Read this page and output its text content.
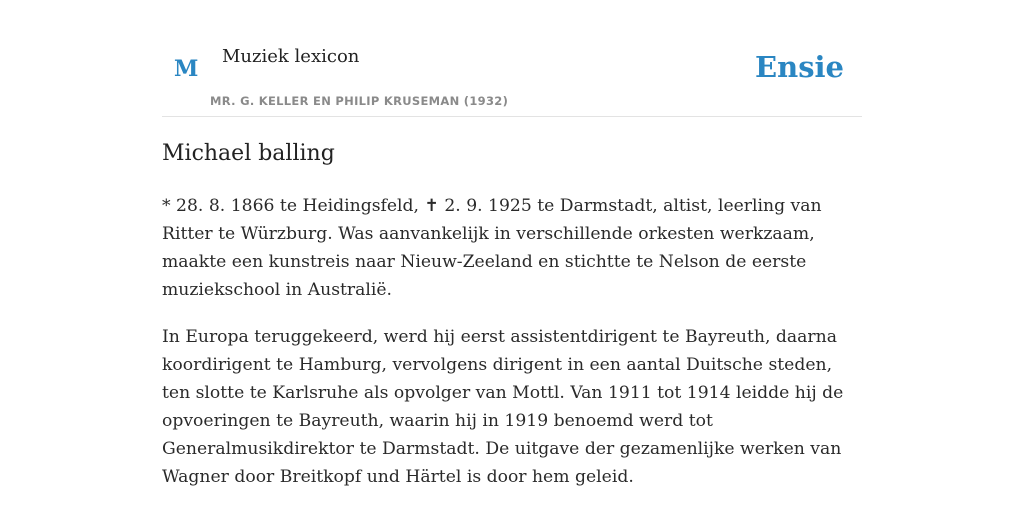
M Muziek lexicon
MR. G. KELLER EN PHILIP KRUSEMAN (1932)
Ensie
Michael balling

* 28. 8. 1866 te Heidingsfeld, ✝ 2. 9. 1925 te Darmstadt, altist, leerling van Ritter te Würzburg. Was aanvankelijk in verschillende orkesten werkzaam, maakte een kunstreis naar Nieuw-Zeeland en stichtte te Nelson de eerste muziekschool in Australië.

In Europa teruggekeerd, werd hij eerst assistentdirigent te Bayreuth, daarna koordirigent te Hamburg, vervolgens dirigent in een aantal Duitsche steden, ten slotte te Karlsruhe als opvolger van Mottl. Van 1911 tot 1914 leidde hij de opvoeringen te Bayreuth, waarin hij in 1919 benoemd werd tot Generalmusikdirektor te Darmstadt. De uitgave der gezamenlijke werken van Wagner door Breitkopf und Härtel is door hem geleid.
